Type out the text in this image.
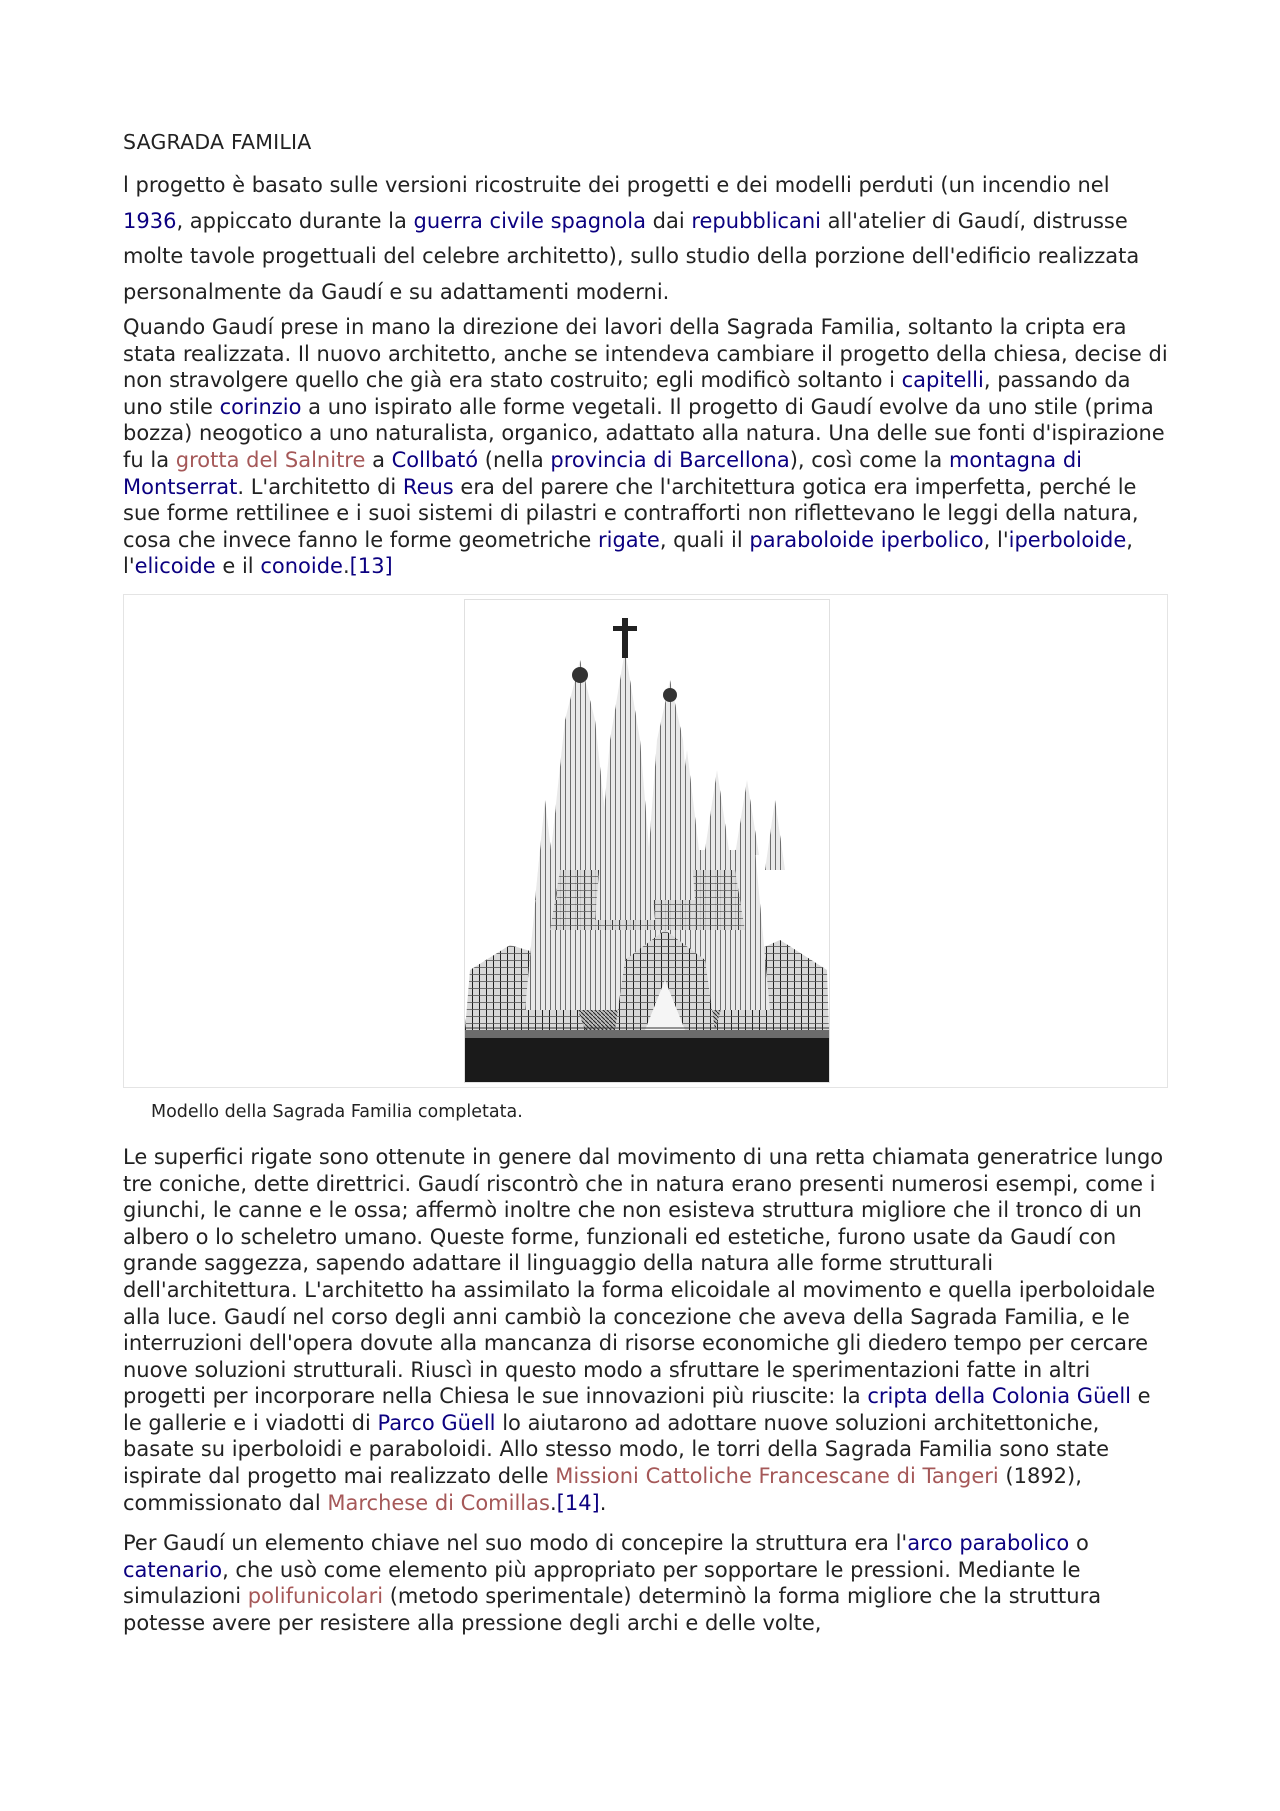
SAGRADA FAMILIA

l progetto è basato sulle versioni ricostruite dei progetti e dei modelli perduti (un incendio nel 1936, appiccato durante la guerra civile spagnola dai repubblicani all'atelier di Gaudí, distrusse molte tavole progettuali del celebre architetto), sullo studio della porzione dell'edificio realizzata personalmente da Gaudí e su adattamenti moderni.

Quando Gaudí prese in mano la direzione dei lavori della Sagrada Familia, soltanto la cripta era stata realizzata. Il nuovo architetto, anche se intendeva cambiare il progetto della chiesa, decise di non stravolgere quello che già era stato costruito; egli modificò soltanto i capitelli, passando da uno stile corinzio a uno ispirato alle forme vegetali. Il progetto di Gaudí evolve da uno stile (prima bozza) neogotico a uno naturalista, organico, adattato alla natura. Una delle sue fonti d'ispirazione fu la grotta del Salnitre a Collbató (nella provincia di Barcellona), così come la montagna di Montserrat. L'architetto di Reus era del parere che l'architettura gotica era imperfetta, perché le sue forme rettilinee e i suoi sistemi di pilastri e contrafforti non riflettevano le leggi della natura, cosa che invece fanno le forme geometriche rigate, quali il paraboloide iperbolico, l'iperboloide, l'elicoide e il conoide.[13]

Modello della Sagrada Familia completata.

Le superfici rigate sono ottenute in genere dal movimento di una retta chiamata generatrice lungo tre coniche, dette direttrici. Gaudí riscontrò che in natura erano presenti numerosi esempi, come i giunchi, le canne e le ossa; affermò inoltre che non esisteva struttura migliore che il tronco di un albero o lo scheletro umano. Queste forme, funzionali ed estetiche, furono usate da Gaudí con grande saggezza, sapendo adattare il linguaggio della natura alle forme strutturali dell'architettura. L'architetto ha assimilato la forma elicoidale al movimento e quella iperboloidale alla luce. Gaudí nel corso degli anni cambiò la concezione che aveva della Sagrada Familia, e le interruzioni dell'opera dovute alla mancanza di risorse economiche gli diedero tempo per cercare nuove soluzioni strutturali. Riuscì in questo modo a sfruttare le sperimentazioni fatte in altri progetti per incorporare nella Chiesa le sue innovazioni più riuscite: la cripta della Colonia Güell e le gallerie e i viadotti di Parco Güell lo aiutarono ad adottare nuove soluzioni architettoniche, basate su iperboloidi e paraboloidi. Allo stesso modo, le torri della Sagrada Familia sono state ispirate dal progetto mai realizzato delle Missioni Cattoliche Francescane di Tangeri (1892), commissionato dal Marchese di Comillas.[14].

Per Gaudí un elemento chiave nel suo modo di concepire la struttura era l'arco parabolico o catenario, che usò come elemento più appropriato per sopportare le pressioni. Mediante le simulazioni polifunicolari (metodo sperimentale) determinò la forma migliore che la struttura potesse avere per resistere alla pressione degli archi e delle volte,
